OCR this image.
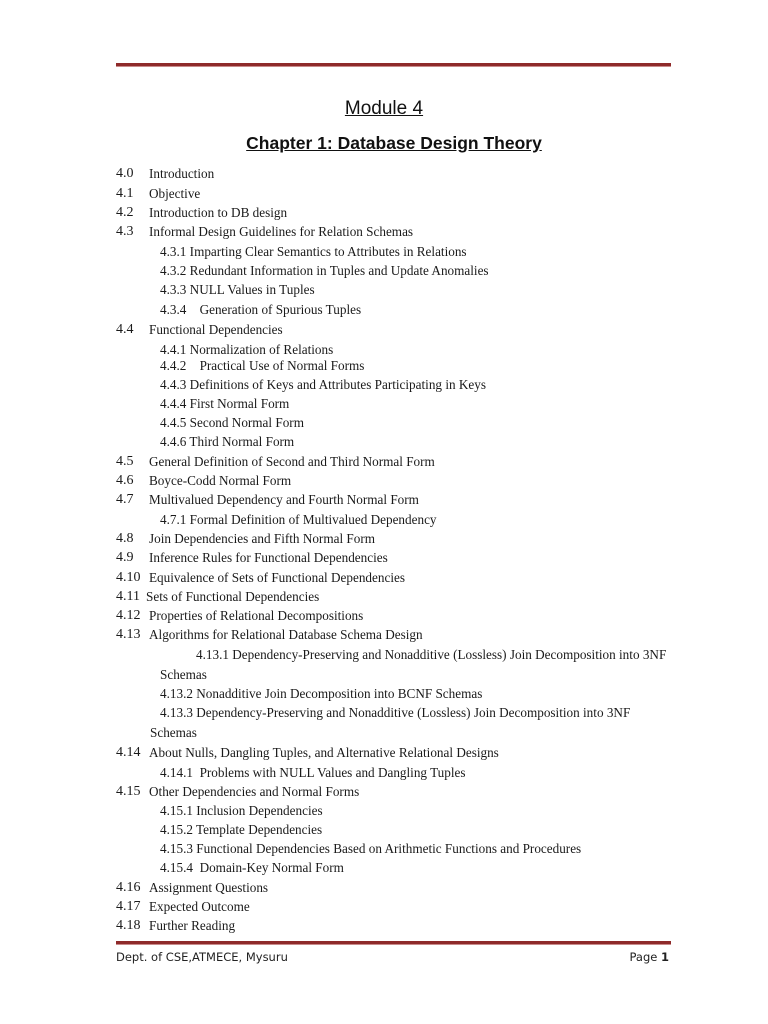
Module 4
Chapter 1: Database Design Theory
4.0 Introduction
4.1 Objective
4.2 Introduction to DB design
4.3 Informal Design Guidelines for Relation Schemas
4.3.1 Imparting Clear Semantics to Attributes in Relations
4.3.2 Redundant Information in Tuples and Update Anomalies
4.3.3 NULL Values in Tuples
4.3.4    Generation of Spurious Tuples
4.4 Functional Dependencies
4.4.1 Normalization of Relations
4.4.2    Practical Use of Normal Forms
4.4.3 Definitions of Keys and Attributes Participating in Keys
4.4.4 First Normal Form
4.4.5 Second Normal Form
4.4.6 Third Normal Form
4.5 General Definition of Second and Third Normal Form
4.6 Boyce-Codd Normal Form
4.7 Multivalued Dependency and Fourth Normal Form
4.7.1 Formal Definition of Multivalued Dependency
4.8 Join Dependencies and Fifth Normal Form
4.9 Inference Rules for Functional Dependencies
4.10 Equivalence of Sets of Functional Dependencies
4.11 Sets of Functional Dependencies
4.12 Properties of Relational Decompositions
4.13 Algorithms for Relational Database Schema Design
4.13.1 Dependency-Preserving and Nonadditive (Lossless) Join Decomposition into 3NF
Schemas
4.13.2 Nonadditive Join Decomposition into BCNF Schemas
4.13.3 Dependency-Preserving and Nonadditive (Lossless) Join Decomposition into 3NF
Schemas
4.14 About Nulls, Dangling Tuples, and Alternative Relational Designs
4.14.1  Problems with NULL Values and Dangling Tuples
4.15 Other Dependencies and Normal Forms
4.15.1 Inclusion Dependencies
4.15.2 Template Dependencies
4.15.3 Functional Dependencies Based on Arithmetic Functions and Procedures
4.15.4  Domain-Key Normal Form
4.16 Assignment Questions
4.17 Expected Outcome
4.18 Further Reading
Dept. of CSE,ATMECE, Mysuru	Page 1
